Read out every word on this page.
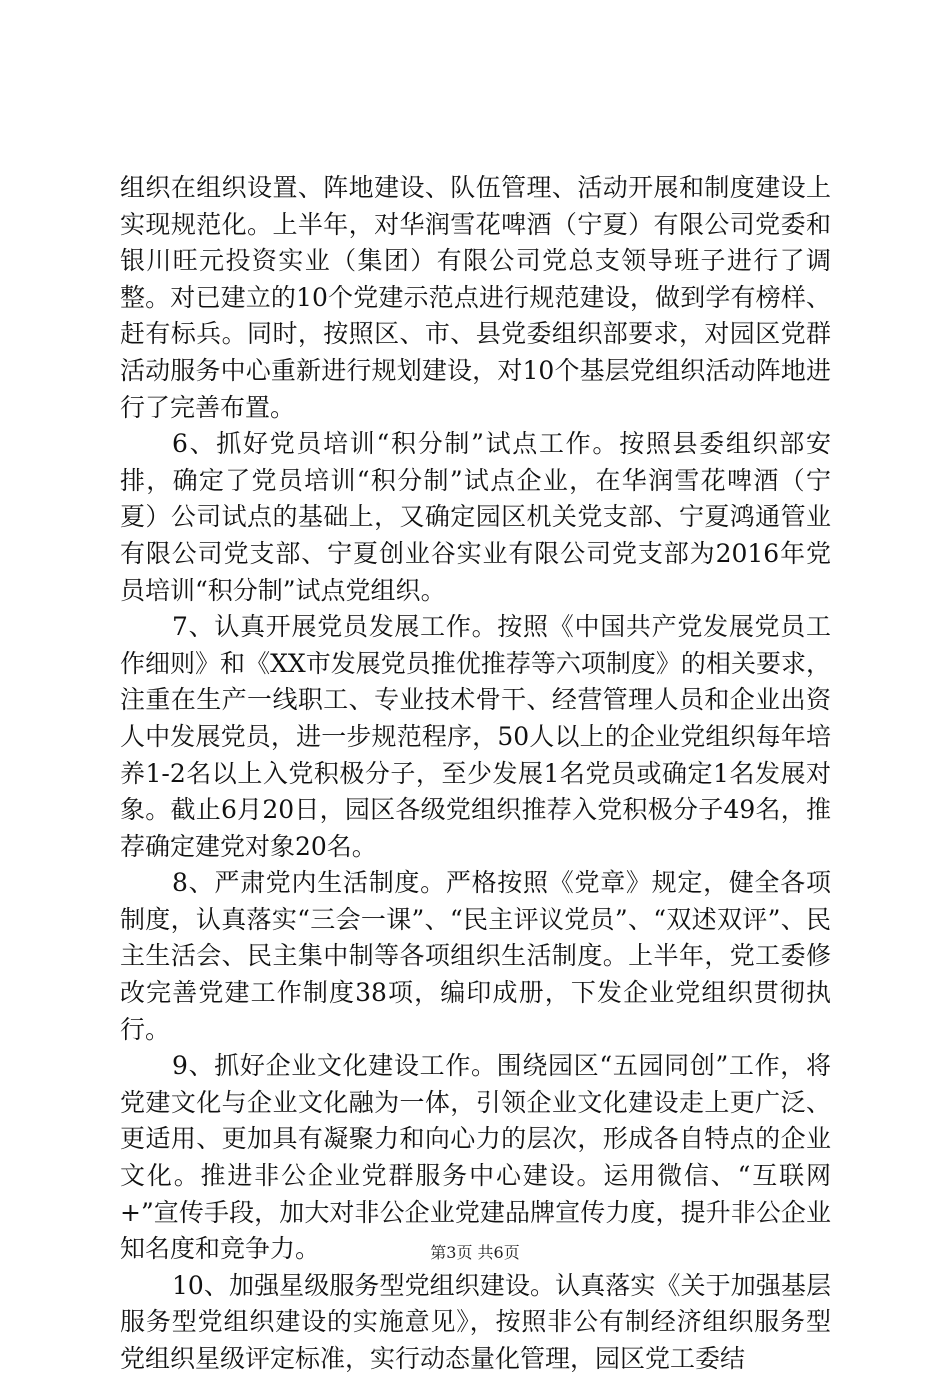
组织在组织设置、阵地建设、队伍管理、活动开展和制度建设上实现规范化。上半年，对华润雪花啤酒（宁夏）有限公司党委和银川旺元投资实业（集团）有限公司党总支领导班子进行了调整。对已建立的10个党建示范点进行规范建设，做到学有榜样、赶有标兵。同时，按照区、市、县党委组织部要求，对园区党群活动服务中心重新进行规划建设，对10个基层党组织活动阵地进行了完善布置。

6、抓好党员培训“积分制”试点工作。按照县委组织部安排，确定了党员培训“积分制”试点企业，在华润雪花啤酒（宁夏）公司试点的基础上，又确定园区机关党支部、宁夏鸿通管业有限公司党支部、宁夏创业谷实业有限公司党支部为2016年党员培训“积分制”试点党组织。

7、认真开展党员发展工作。按照《中国共产党发展党员工作细则》和《XX市发展党员推优推荐等六项制度》的相关要求，注重在生产一线职工、专业技术骨干、经营管理人员和企业出资人中发展党员，进一步规范程序，50人以上的企业党组织每年培养1-2名以上入党积极分子，至少发展1名党员或确定1名发展对象。截止6月20日，园区各级党组织推荐入党积极分子49名，推荐确定建党对象20名。

8、严肃党内生活制度。严格按照《党章》规定，健全各项制度，认真落实“三会一课”、“民主评议党员”、“双述双评”、民主生活会、民主集中制等各项组织生活制度。上半年，党工委修改完善党建工作制度38项，编印成册，下发企业党组织贯彻执行。

9、抓好企业文化建设工作。围绕园区“五园同创”工作，将党建文化与企业文化融为一体，引领企业文化建设走上更广泛、更适用、更加具有凝聚力和向心力的层次，形成各自特点的企业文化。推进非公企业党群服务中心建设。运用微信、“互联网+”宣传手段，加大对非公企业党建品牌宣传力度，提升非公企业知名度和竞争力。

10、加强星级服务型党组织建设。认真落实《关于加强基层服务型党组织建设的实施意见》，按照非公有制经济组织服务型党组织星级评定标准，实行动态量化管理，园区党工委结

第3页 共6页
